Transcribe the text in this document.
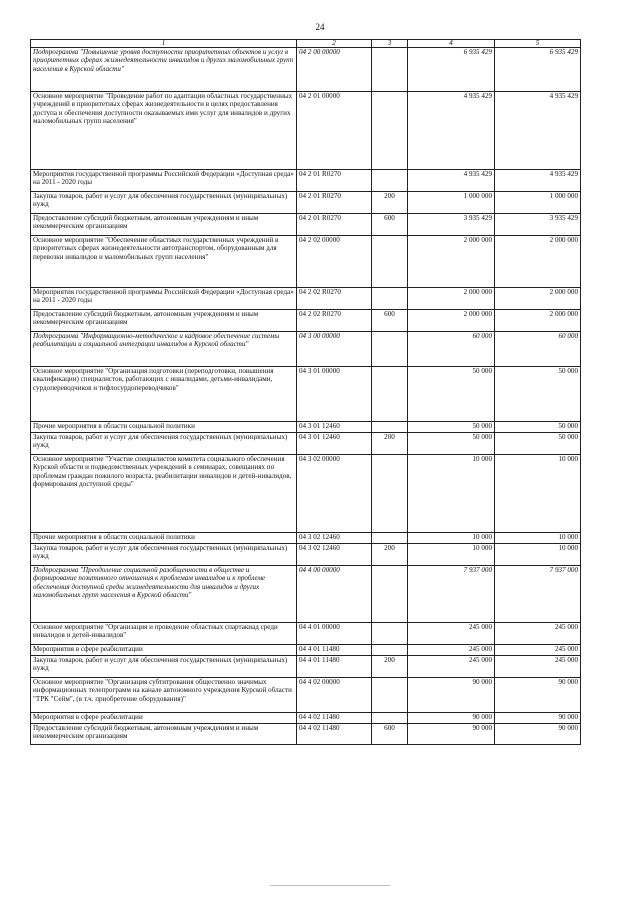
24
1	2	3	4	5
Подпрограмма "Повышение уровня доступности приоритетных объектов и услуг в приоритетных сферах жизнедеятельности инвалидов и других маломобильных групп населения в Курской области"	04 2 00 00000		6 935 429	6 935 429
Основное мероприятие "Проведение работ по адаптации областных государственных учреждений в приоритетных сферах жизнедеятельности в целях предоставления доступа и обеспечения доступности оказываемых ими услуг для инвалидов и других маломобильных групп населения"	04 2 01 00000		4 935 429	4 935 429
Мероприятия государственной программы Российской Федерации «Доступная среда» на 2011 - 2020 годы	04 2 01 R0270		4 935 429	4 935 429
Закупка товаров, работ и услуг для обеспечения государственных (муниципальных) нужд	04 2 01 R0270	200	1 000 000	1 000 000
Предоставление субсидий бюджетным, автономным учреждениям и иным некоммерческим организациям	04 2 01 R0270	600	3 935 429	3 935 429
Основное мероприятие "Обеспечение областных государственных учреждений в приоритетных сферах жизнедеятельности автотранспортом, оборудованным для перевозки инвалидов и маломобильных групп населения"	04 2 02 00000		2 000 000	2 000 000
Мероприятия государственной программы Российской Федерации «Доступная среда» на 2011 - 2020 годы	04 2 02 R0270		2 000 000	2 000 000
Предоставление субсидий бюджетным, автономным учреждениям и иным некоммерческим организациям	04 2 02 R0270	600	2 000 000	2 000 000
Подпрограмма "Информационно-методическое и кадровое обеспечение системы реабилитации и социальной интеграции инвалидов в Курской области"	04 3 00 00000		60 000	60 000
Основное мероприятие "Организация подготовки (переподготовки, повышения квалификации) специалистов, работающих с инвалидами, детьми-инвалидами, сурдопереводчиков и тифлосурдопереводчиков"	04 3 01 00000		50 000	50 000
Прочие мероприятия в области социальной политики	04 3 01 12460		50 000	50 000
Закупка товаров, работ и услуг для обеспечения государственных (муниципальных) нужд	04 3 01 12460	200	50 000	50 000
Основное мероприятие "Участие специалистов комитета социального обеспечения Курской области и подведомственных учреждений в семинарах, совещаниях по проблемам граждан пожилого возраста, реабилитации инвалидов и детей-инвалидов, формирования доступной среды"	04 3 02 00000		10 000	10 000
Прочие мероприятия в области социальной политики	04 3 02 12460		10 000	10 000
Закупка товаров, работ и услуг для обеспечения государственных (муниципальных) нужд	04 3 02 12460	200	10 000	10 000
Подпрограмма "Преодоление социальной разобщенности в обществе и формирование позитивного отношения к проблемам инвалидов и к проблеме обеспечения доступной среды жизнедеятельности для инвалидов и других маломобильных групп населения в Курской области"	04 4 00 00000		7 937 000	7 937 000
Основное мероприятие "Организация и проведение областных спартакиад среди инвалидов и детей-инвалидов"	04 4 01 00000		245 000	245 000
Мероприятия в сфере реабилитации	04 4 01 11480		245 000	245 000
Закупка товаров, работ и услуг для обеспечения государственных (муниципальных) нужд	04 4 01 11480	200	245 000	245 000
Основное мероприятие "Организация субтитрования общественно значимых информационных телепрограмм на канале автономного учреждения Курской области "ТРК "Сейм", (в т.ч. приобретение оборудования)"	04 4 02 00000		90 000	90 000
Мероприятия в сфере реабилитации	04 4 02 11480		90 000	90 000
Предоставление субсидий бюджетным, автономным учреждениям и иным некоммерческим организациям	04 4 02 11480	600	90 000	90 000
